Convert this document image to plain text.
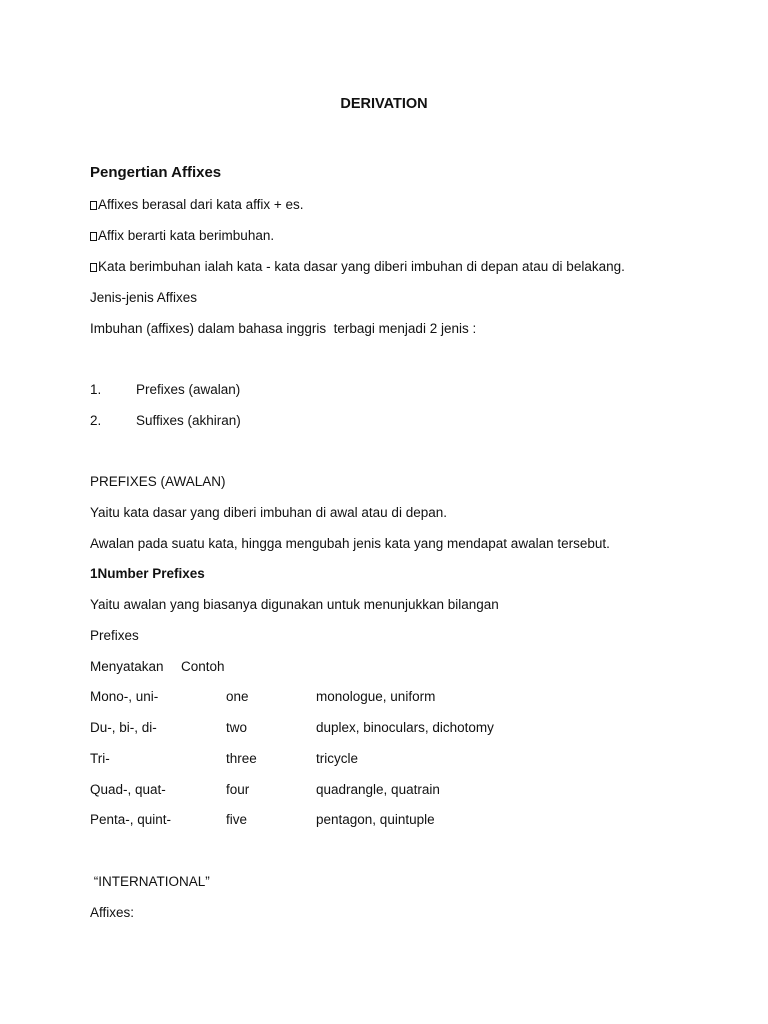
DERIVATION
Pengertian Affixes
Affixes berasal dari kata affix + es.
Affix berarti kata berimbuhan.
Kata berimbuhan ialah kata - kata dasar yang diberi imbuhan di depan atau di belakang.
Jenis-jenis Affixes
Imbuhan (affixes) dalam bahasa inggris  terbagi menjadi 2 jenis :
1.	Prefixes (awalan)
2.	Suffixes (akhiran)
PREFIXES (AWALAN)
Yaitu kata dasar yang diberi imbuhan di awal atau di depan.
Awalan pada suatu kata, hingga mengubah jenis kata yang mendapat awalan tersebut.
1Number Prefixes
Yaitu awalan yang biasanya digunakan untuk menunjukkan bilangan
Prefixes
Menyatakan Contoh
Mono-, uni-	one	monologue, uniform
Du-, bi-, di-	two	duplex, binoculars, dichotomy
Tri-	three	tricycle
Quad-, quat-	four	quadrangle, quatrain
Penta-, quint-	five	pentagon, quintuple
“INTERNATIONAL”
Affixes:
